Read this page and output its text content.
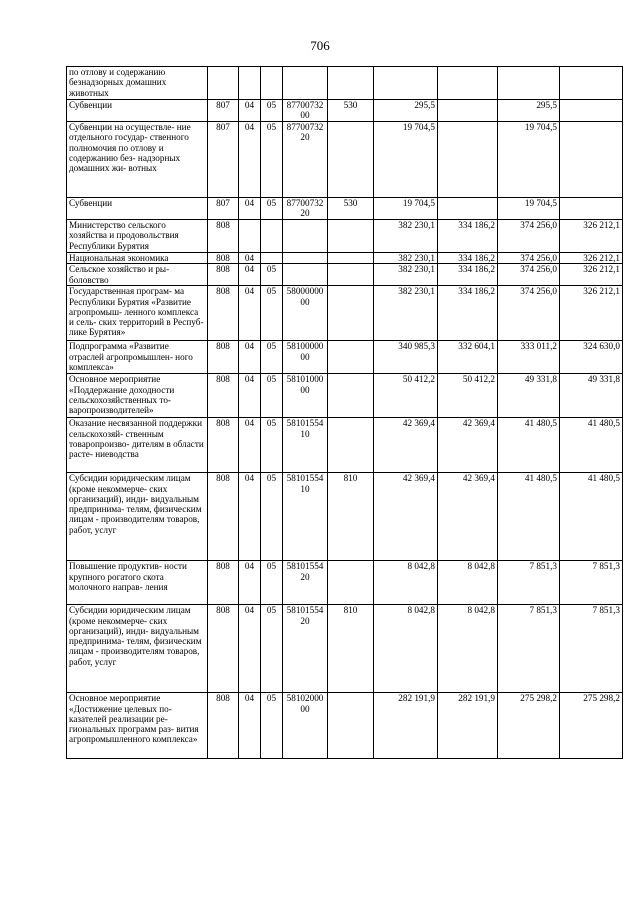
706
по отлову и содержанию безнадзорных домашних животных									
Субвенции	807	04	05	87700732 00	530	295,5		295,5	
Субвенции на осуществле- ние отдельного государ- ственного полномочия по отлову и содержанию без- надзорных домашних жи- вотных	807	04	05	87700732 20		19 704,5		19 704,5	
Субвенции	807	04	05	87700732 20	530	19 704,5		19 704,5	
Министерство сельского хозяйства и продовольствия Республики Бурятия	808					382 230,1	334 186,2	374 256,0	326 212,1
Национальная экономика	808	04				382 230,1	334 186,2	374 256,0	326 212,1
Сельское хозяйство и ры- боловство	808	04	05			382 230,1	334 186,2	374 256,0	326 212,1
Государственная програм- ма Республики Бурятия «Развитие агропромыш- ленного комплекса и сель- ских территорий в Респуб- лике Бурятия»	808	04	05	58000000 00		382 230,1	334 186,2	374 256,0	326 212,1
Подпрограмма «Развитие отраслей агропромышлен- ного комплекса»	808	04	05	58100000 00		340 985,3	332 604,1	333 011,2	324 630,0
Основное мероприятие «Поддержание доходности сельскохозяйственных то- варопроизводителей»	808	04	05	58101000 00		50 412,2	50 412,2	49 331,8	49 331,8
Оказание несвязанной поддержки сельскохозяй- ственным товаропроизво- дителям в области расте- ниеводства	808	04	05	58101554 10		42 369,4	42 369,4	41 480,5	41 480,5
Субсидии юридическим лицам (кроме некоммерче- ских организаций), инди- видуальным предпринима- телям, физическим лицам - производителям товаров, работ, услуг	808	04	05	58101554 10	810	42 369,4	42 369,4	41 480,5	41 480,5
Повышение продуктив- ности крупного рогатого скота молочного направ- ления	808	04	05	58101554 20		8 042,8	8 042,8	7 851,3	7 851,3
Субсидии юридическим лицам (кроме некоммерче- ских организаций), инди- видуальным предпринима- телям, физическим лицам - производителям товаров, работ, услуг	808	04	05	58101554 20	810	8 042,8	8 042,8	7 851,3	7 851,3
Основное мероприятие «Достижение целевых по- казателей реализации ре- гиональных программ раз- вития агропромышленного комплекса»	808	04	05	58102000 00		282 191,9	282 191,9	275 298,2	275 298,2
